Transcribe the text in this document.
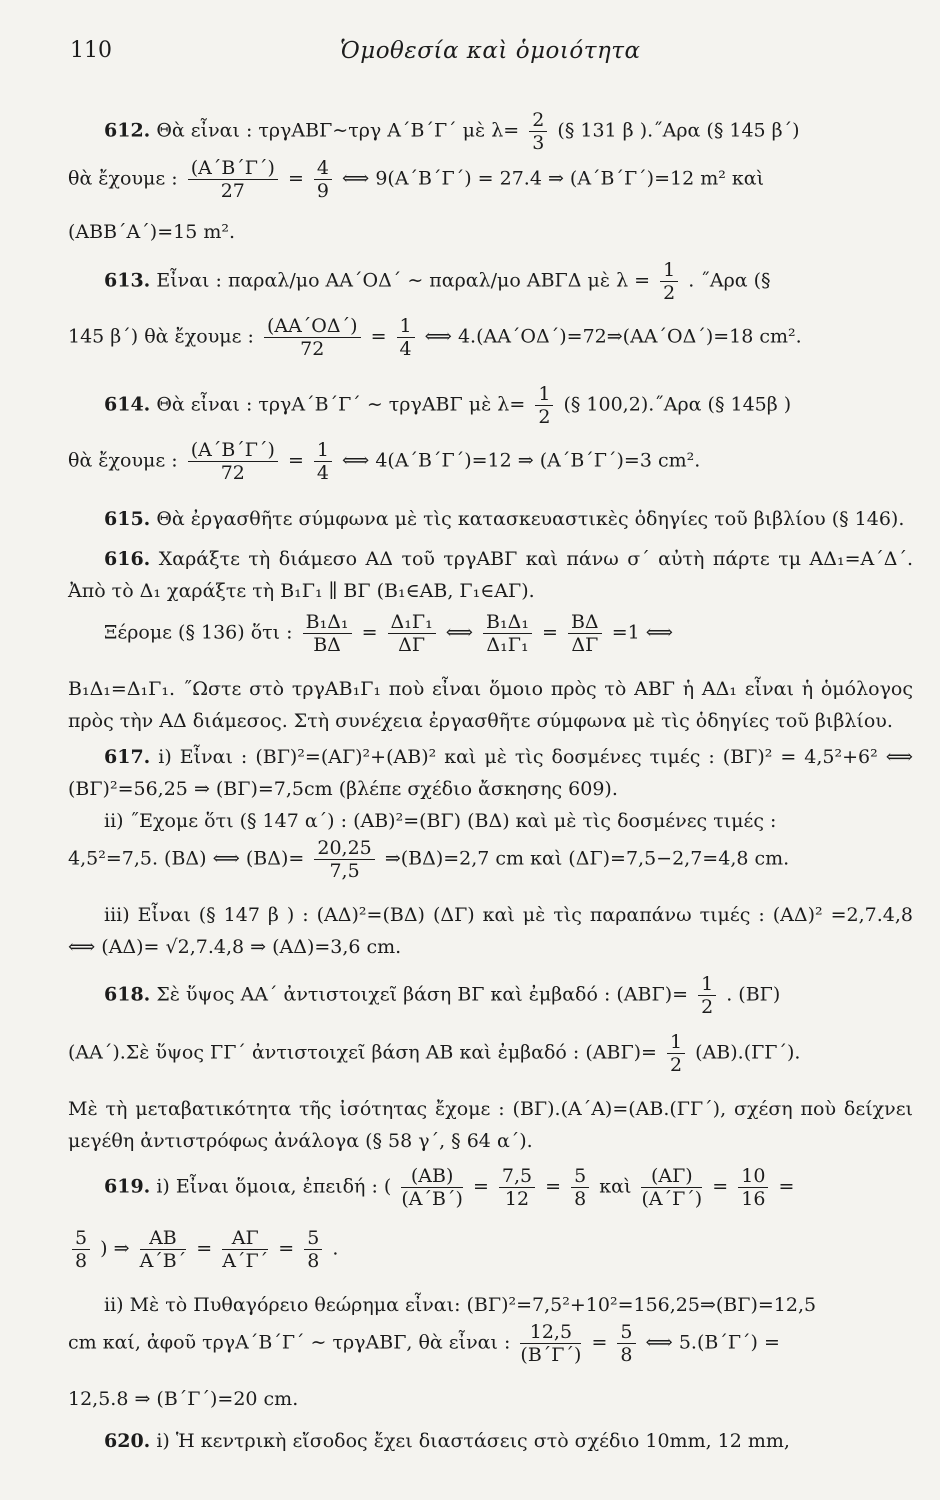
110	Ὁμοθεσία καὶ ὁμοιότητα
612. Θὰ εἶναι : τργΑΒΓ∼τργ Α΄Β΄Γ΄ μὲ $\lambda= \frac{2}{3}$ (§ 131 β ).˝Αρα (§ 145 β΄)
θὰ ἔχουμε : $\frac{(A΄B΄\Gamma΄)}{27} = \frac{4}{9}$ ⟺ 9(Α΄Β΄Γ΄) = 27.4 ⇒ (Α΄Β΄Γ΄)=12 m² καὶ
(ΑΒΒ΄Α΄)=15 m².
613. Εἶναι : παραλ/μο ΑΑ΄ΟΔ΄ ∼ παραλ/μο ΑΒΓΔ μὲ $\lambda = \frac{1}{2}$ . ˝Αρα (§
145 β΄) θὰ ἔχουμε : $\frac{(AA΄O\Delta΄)}{72} = \frac{1}{4}$ ⟺ 4.(ΑΑ΄ΟΔ΄)=72⇒(ΑΑ΄ΟΔ΄)=18 cm².
614. Θὰ εἶναι : τργΑ΄Β΄Γ΄ ∼ τργΑΒΓ μὲ $\lambda= \frac{1}{2}$ (§ 100,2).˝Αρα (§ 145β )
θὰ ἔχουμε : $\frac{(A΄B΄\Gamma΄)}{72} = \frac{1}{4}$ ⟺ 4(Α΄Β΄Γ΄)=12 ⇒ (Α΄Β΄Γ΄)=3 cm².
615. Θὰ ἐργασθῆτε σύμφωνα μὲ τὶς κατασκευαστικὲς ὁδηγίες τοῦ βιβλίου (§ 146).
616. Χαράξτε τὴ διάμεσο ΑΔ τοῦ τργΑΒΓ καὶ πάνω σ΄ αὐτὴ πάρτε τμ ΑΔ₁=Α΄Δ΄. Ἀπὸ τὸ Δ₁ χαράξτε τὴ Β₁Γ₁ ∥ ΒΓ (Β₁∈ΑΒ, Γ₁∈ΑΓ).
Ξέρομε (§ 136) ὅτι : $\frac{\text{Β₁Δ₁}}{B\Delta} = \frac{\text{Δ₁Γ₁}}{\Delta\Gamma}$ ⟺ $\frac{\text{Β₁Δ₁}}{\text{Δ₁Γ₁}} = \frac{B\Delta}{\Delta\Gamma} =1$ ⟺
Β₁Δ₁=Δ₁Γ₁. ˝Ωστε στὸ τργΑΒ₁Γ₁ ποὺ εἶναι ὅμοιο πρὸς τὸ ΑΒΓ ἡ ΑΔ₁ εἶναι ἡ ὁμόλογος πρὸς τὴν ΑΔ διάμεσος. Στὴ συνέχεια ἐργασθῆτε σύμφωνα μὲ τὶς ὁδηγίες τοῦ βιβλίου.
617. i) Εἶναι : (ΒΓ)²=(ΑΓ)²+(ΑΒ)² καὶ μὲ τὶς δοσμένες τιμές : (ΒΓ)² = 4,5²+6² ⟺ (ΒΓ)²=56,25 ⇒ (ΒΓ)=7,5cm (βλέπε σχέδιο ἄσκησης 609).
ii) ˝Εχομε ὅτι (§ 147 α΄) : (ΑΒ)²=(ΒΓ) (ΒΔ) καὶ μὲ τὶς δοσμένες τιμές :
4,5²=7,5. (ΒΔ) ⟺ $(B\Delta)= \frac{20,25}{7,5}$ ⇒(ΒΔ)=2,7 cm καὶ (ΔΓ)=7,5−2,7=4,8 cm.
iii) Εἶναι (§ 147 β ) : (ΑΔ)²=(ΒΔ) (ΔΓ) καὶ μὲ τὶς παραπάνω τιμές : (ΑΔ)² =2,7.4,8 ⟺ (ΑΔ)= √2,7.4,8 ⇒ (ΑΔ)=3,6 cm.
618. Σὲ ὕψος ΑΑ΄ ἀντιστοιχεῖ βάση ΒΓ καὶ ἐμβαδό : $(AB\Gamma)= \frac{1}{2}$ . (ΒΓ)
(ΑΑ΄).Σὲ ὕψος ΓΓ΄ ἀντιστοιχεῖ βάση ΑΒ καὶ ἐμβαδό : $(AB\Gamma)= \frac{1}{2} (AB).(\Gamma\Gamma΄)$.
Μὲ τὴ μεταβατικότητα τῆς ἰσότητας ἔχομε : (ΒΓ).(Α΄Α)=(ΑΒ.(ΓΓ΄), σχέση ποὺ δείχνει μεγέθη ἀντιστρόφως ἀνάλογα (§ 58 γ΄, § 64 α΄).
619. i) Εἶναι ὅμοια, ἐπειδή : ( $\frac{(AB)}{(A΄B΄)} = \frac{7,5}{12} = \frac{5}{8}$ καὶ $\frac{(A\Gamma)}{(A΄\Gamma΄)} = \frac{10}{16}$ =
$\frac{5}{8}$ ) ⇒ $\frac{AB}{A΄B΄} = \frac{A\Gamma}{A΄\Gamma΄} = \frac{5}{8}$ .
ii) Μὲ τὸ Πυθαγόρειο θεώρημα εἶναι: (ΒΓ)²=7,5²+10²=156,25⇒(ΒΓ)=12,5
cm καί, ἀφοῦ τργΑ΄Β΄Γ΄ ∼ τργΑΒΓ, θὰ εἶναι : $\frac{12,5}{(B΄\Gamma΄)} = \frac{5}{8}$ ⟺ 5.(Β΄Γ΄) =
12,5.8 ⇒ (Β΄Γ΄)=20 cm.
620. i) Ἡ κεντρικὴ εἴσοδος ἔχει διαστάσεις στὸ σχέδιο 10mm, 12 mm,
